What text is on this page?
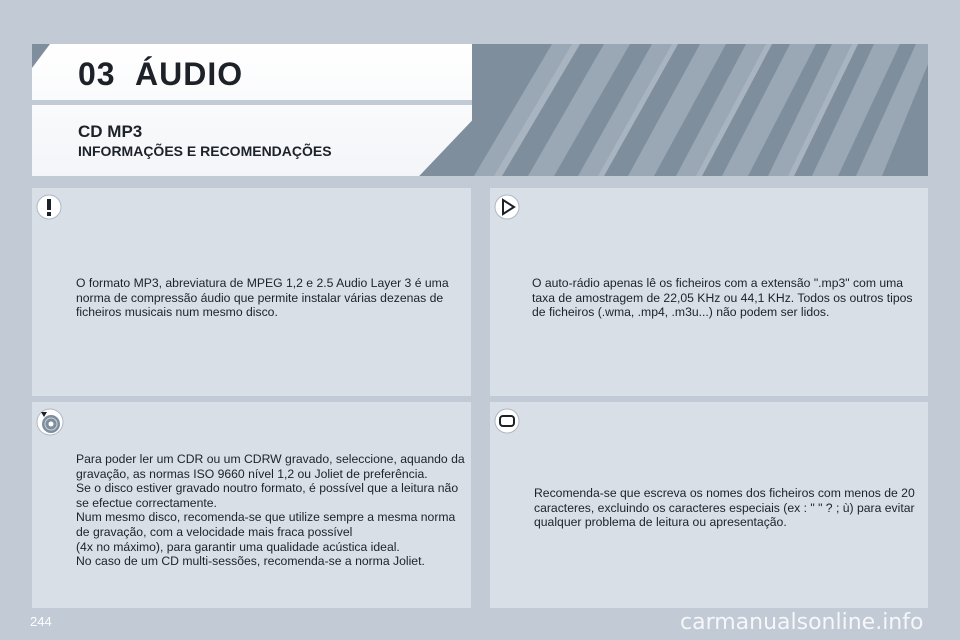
03 ÁUDIO
CD MP3
INFORMAÇÕES E RECOMENDAÇÕES
O formato MP3, abreviatura de MPEG 1,2 e 2.5 Audio Layer 3 é uma norma de compressão áudio que permite instalar várias dezenas de ficheiros musicais num mesmo disco.
O auto-rádio apenas lê os ficheiros com a extensão ".mp3" com uma taxa de amostragem de 22,05 KHz ou 44,1 KHz. Todos os outros tipos de ficheiros (.wma, .mp4, .m3u...) não podem ser lidos.
Para poder ler um CDR ou um CDRW gravado, seleccione, aquando da gravação, as normas ISO 9660 nível 1,2 ou Joliet de preferência.
Se o disco estiver gravado noutro formato, é possível que a leitura não se efectue correctamente.
Num mesmo disco, recomenda-se que utilize sempre a mesma norma de gravação, com a velocidade mais fraca possível
(4x no máximo), para garantir uma qualidade acústica ideal.
No caso de um CD multi-sessões, recomenda-se a norma Joliet.
Recomenda-se que escreva os nomes dos ficheiros com menos de 20 caracteres, excluindo os caracteres especiais (ex : " " ? ; ù) para evitar qualquer problema de leitura ou apresentação.
244	carmanualsonline.info
